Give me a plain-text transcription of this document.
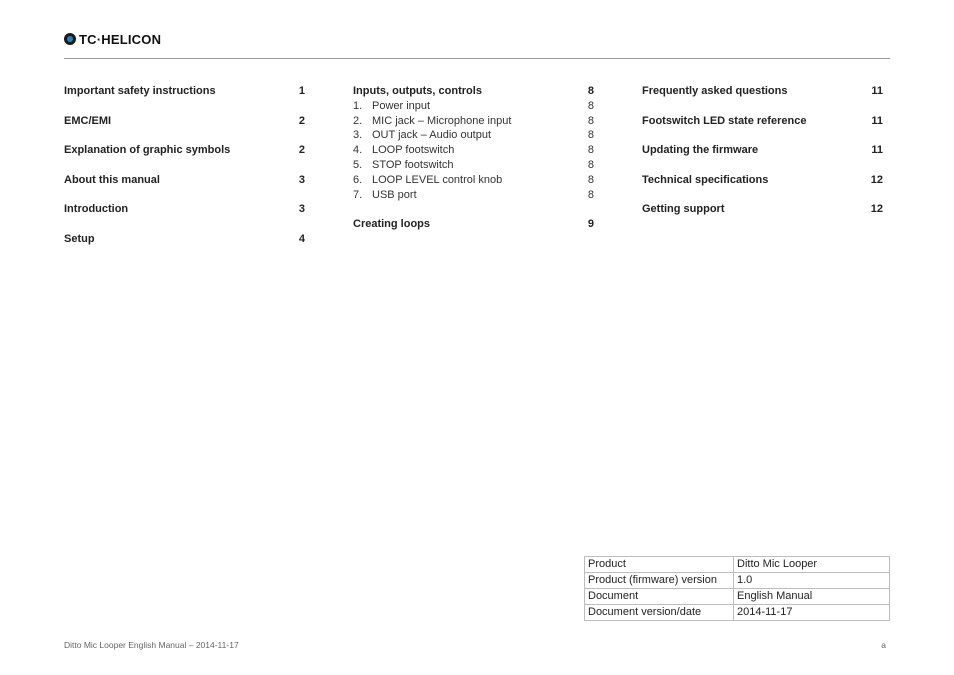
TC·HELICON
Important safety instructions	1
EMC/EMI	2
Explanation of graphic symbols	2
About this manual	3
Introduction	3
Setup	4
Inputs, outputs, controls	8
1. Power input	8
2. MIC jack – Microphone input	8
3. OUT jack – Audio output	8
4. LOOP footswitch	8
5. STOP footswitch	8
6. LOOP LEVEL control knob	8
7. USB port	8
Creating loops	9
Frequently asked questions	11
Footswitch LED state reference	11
Updating the firmware	11
Technical specifications	12
Getting support	12
Product	Ditto Mic Looper
Product (firmware) version	1.0
Document	English Manual
Document version/date	2014-11-17
Ditto Mic Looper English Manual – 2014-11-17	a
